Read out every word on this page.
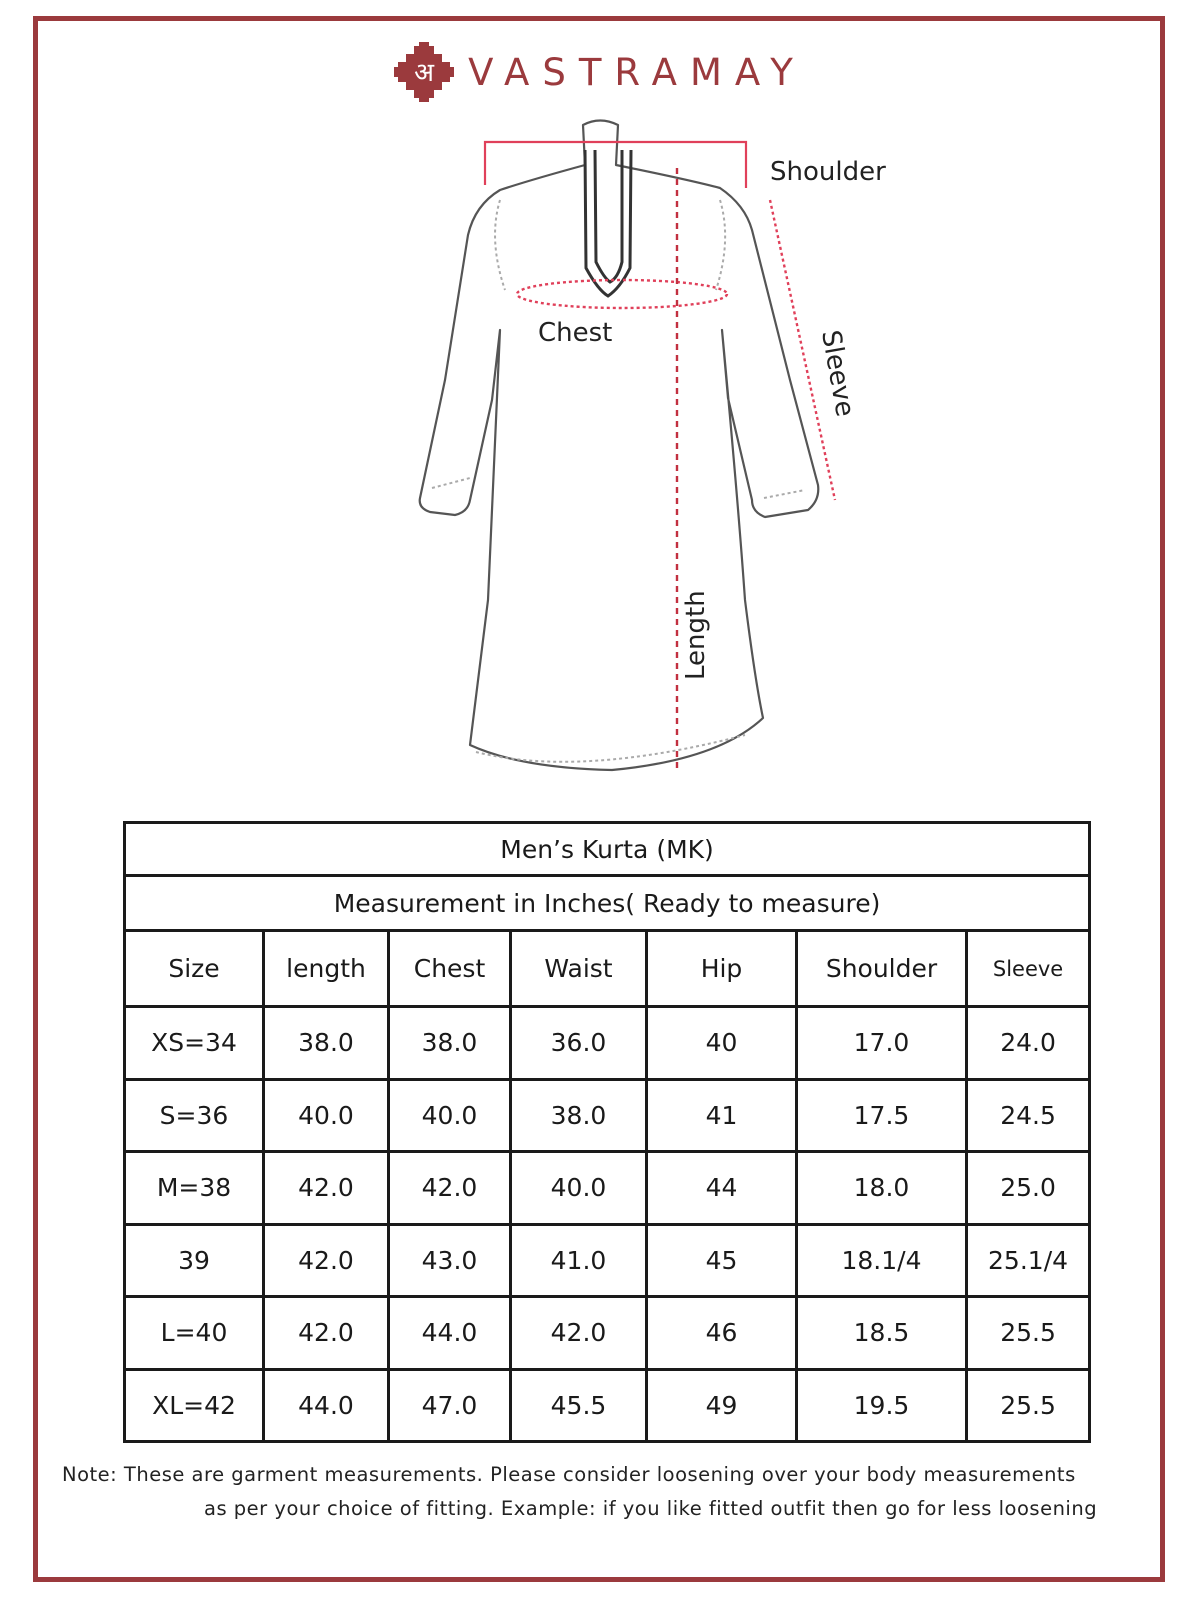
अ VASTRAMAY
Shoulder
Chest	Sleeve
Length
Men’s Kurta (MK)						
Measurement in Inches( Ready to measure)						
Size	length	Chest	Waist	Hip	Shoulder	Sleeve
XS=34	38.0	38.0	36.0	40	17.0	24.0
S=36	40.0	40.0	38.0	41	17.5	24.5
M=38	42.0	42.0	40.0	44	18.0	25.0
39	42.0	43.0	41.0	45	18.1/4	25.1/4
L=40	42.0	44.0	42.0	46	18.5	25.5
XL=42	44.0	47.0	45.5	49	19.5	25.5
Note: These are garment measurements. Please consider loosening over your body measurements
as per your choice of fitting. Example: if you like fitted outfit then go for less loosening
